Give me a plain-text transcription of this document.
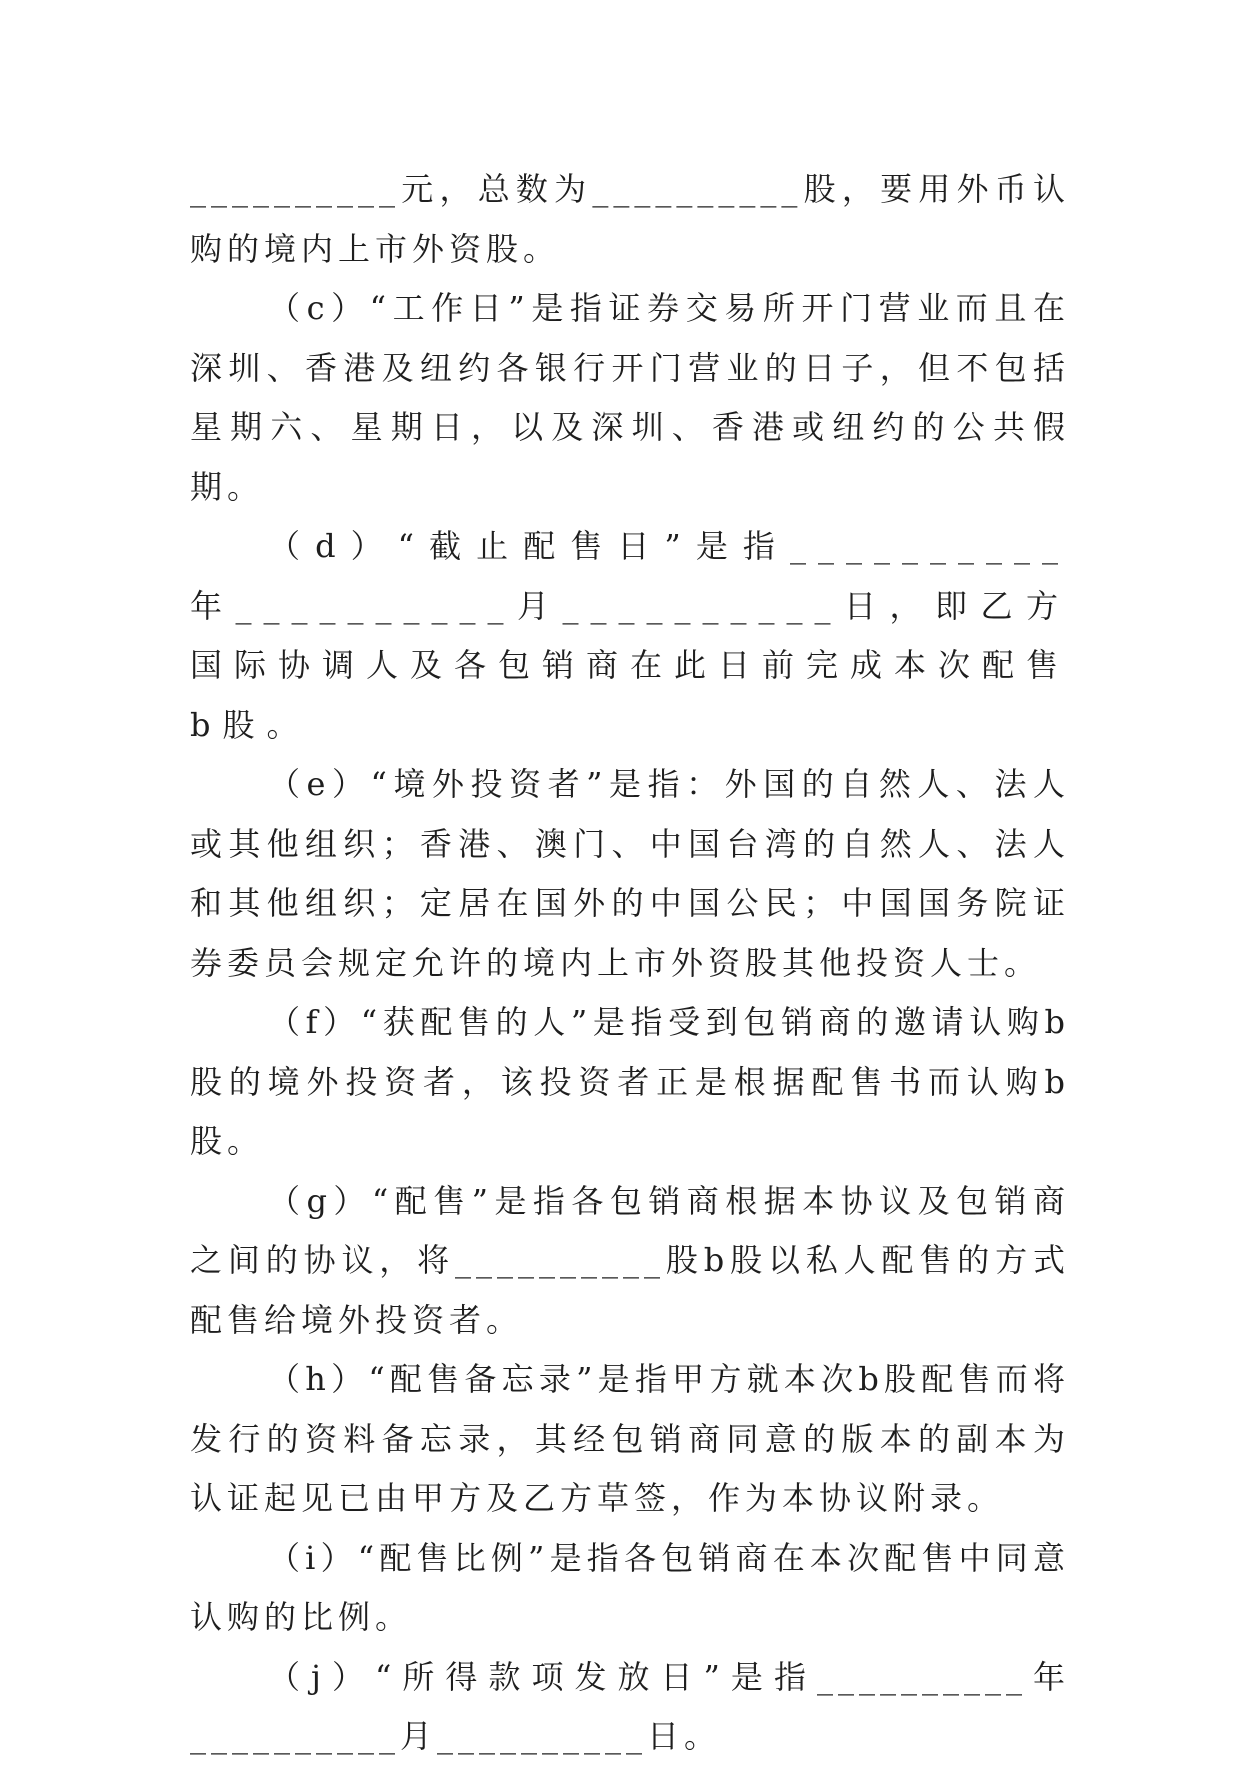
__________元，总数为__________股，要用外币认购的境内上市外资股。

（c）“工作日”是指证券交易所开门营业而且在深圳、香港及纽约各银行开门营业的日子，但不包括星期六、星期日，以及深圳、香港或纽约的公共假期。

（d）“截止配售日”是指__________年__________月__________日，即乙方国际协调人及各包销商在此日前完成本次配售b股。

（e）“境外投资者”是指：外国的自然人、法人或其他组织；香港、澳门、中国台湾的自然人、法人和其他组织；定居在国外的中国公民；中国国务院证券委员会规定允许的境内上市外资股其他投资人士。

（f）“获配售的人”是指受到包销商的邀请认购b股的境外投资者，该投资者正是根据配售书而认购b股。

（g）“配售”是指各包销商根据本协议及包销商之间的协议，将__________股b股以私人配售的方式配售给境外投资者。

（h）“配售备忘录”是指甲方就本次b股配售而将发行的资料备忘录，其经包销商同意的版本的副本为认证起见已由甲方及乙方草签，作为本协议附录。

（i）“配售比例”是指各包销商在本次配售中同意认购的比例。

（j）“所得款项发放日”是指__________年__________月__________日。
